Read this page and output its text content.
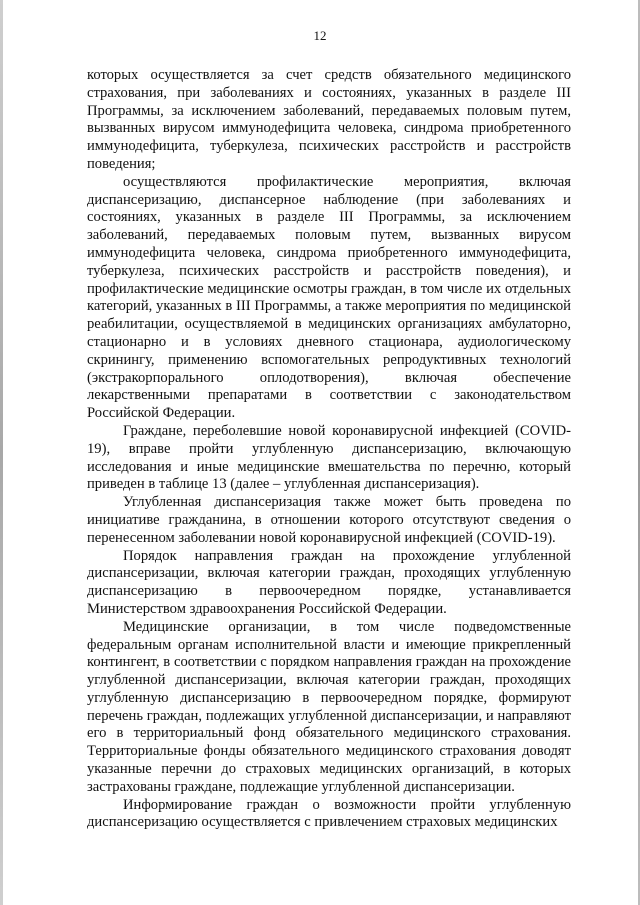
12

которых осуществляется за счет средств обязательного медицинского страхования, при заболеваниях и состояниях, указанных в разделе III Программы, за исключением заболеваний, передаваемых половым путем, вызванных вирусом иммунодефицита человека, синдрома приобретенного иммунодефицита, туберкулеза, психических расстройств и расстройств поведения;

осуществляются профилактические мероприятия, включая диспансеризацию, диспансерное наблюдение (при заболеваниях и состояниях, указанных в разделе III Программы, за исключением заболеваний, передаваемых половым путем, вызванных вирусом иммунодефицита человека, синдрома приобретенного иммунодефицита, туберкулеза, психических расстройств и расстройств поведения), и профилактические медицинские осмотры граждан, в том числе их отдельных категорий, указанных в III Программы, а также мероприятия по медицинской реабилитации, осуществляемой в медицинских организациях амбулаторно, стационарно и в условиях дневного стационара, аудиологическому скринингу, применению вспомогательных репродуктивных технологий (экстракорпорального оплодотворения), включая обеспечение лекарственными препаратами в соответствии с законодательством Российской Федерации.

Граждане, переболевшие новой коронавирусной инфекцией (COVID-19), вправе пройти углубленную диспансеризацию, включающую исследования и иные медицинские вмешательства по перечню, который приведен в таблице 13 (далее – углубленная диспансеризация).

Углубленная диспансеризация также может быть проведена по инициативе гражданина, в отношении которого отсутствуют сведения о перенесенном заболевании новой коронавирусной инфекцией (COVID-19).

Порядок направления граждан на прохождение углубленной диспансеризации, включая категории граждан, проходящих углубленную диспансеризацию в первоочередном порядке, устанавливается Министерством здравоохранения Российской Федерации.

Медицинские организации, в том числе подведомственные федеральным органам исполнительной власти и имеющие прикрепленный контингент, в соответствии с порядком направления граждан на прохождение углубленной диспансеризации, включая категории граждан, проходящих углубленную диспансеризацию в первоочередном порядке, формируют перечень граждан, подлежащих углубленной диспансеризации, и направляют его в территориальный фонд обязательного медицинского страхования. Территориальные фонды обязательного медицинского страхования доводят указанные перечни до страховых медицинских организаций, в которых застрахованы граждане, подлежащие углубленной диспансеризации.

Информирование граждан о возможности пройти углубленную диспансеризацию осуществляется с привлечением страховых медицинских
